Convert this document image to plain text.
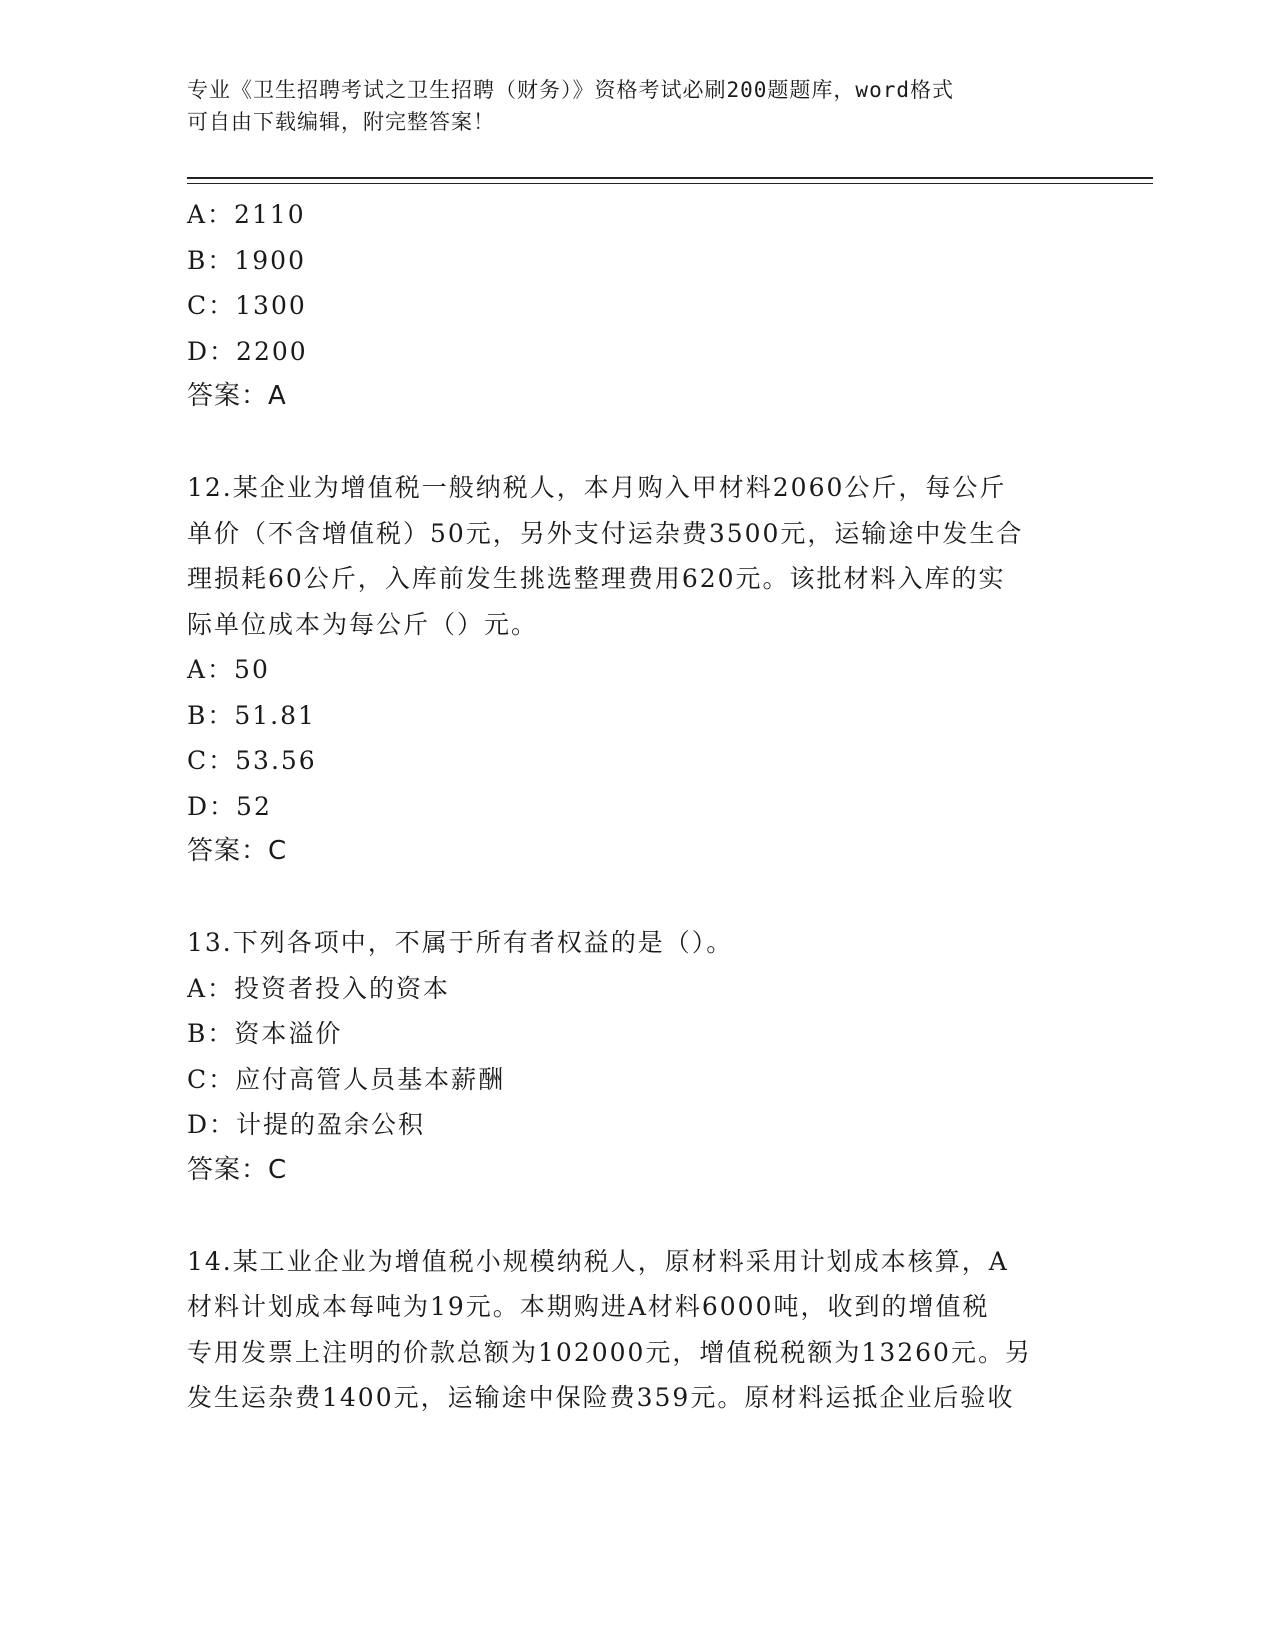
专业《卫生招聘考试之卫生招聘（财务）》资格考试必刷200题题库，word格式

可自由下载编辑，附完整答案！

A：2110
B：1900
C：1300
D：2200
答案：A
12.某企业为增值税一般纳税人，本月购入甲材料2060公斤，每公斤
单价（不含增值税）50元，另外支付运杂费3500元，运输途中发生合
理损耗60公斤，入库前发生挑选整理费用620元。该批材料入库的实
际单位成本为每公斤（）元。
A：50
B：51.81
C：53.56
D：52
答案：C
13.下列各项中，不属于所有者权益的是（）。
A：投资者投入的资本
B：资本溢价
C：应付高管人员基本薪酬
D：计提的盈余公积
答案：C
14.某工业企业为增值税小规模纳税人，原材料采用计划成本核算，A
材料计划成本每吨为19元。本期购进A材料6000吨，收到的增值税
专用发票上注明的价款总额为102000元，增值税税额为13260元。另
发生运杂费1400元，运输途中保险费359元。原材料运抵企业后验收
